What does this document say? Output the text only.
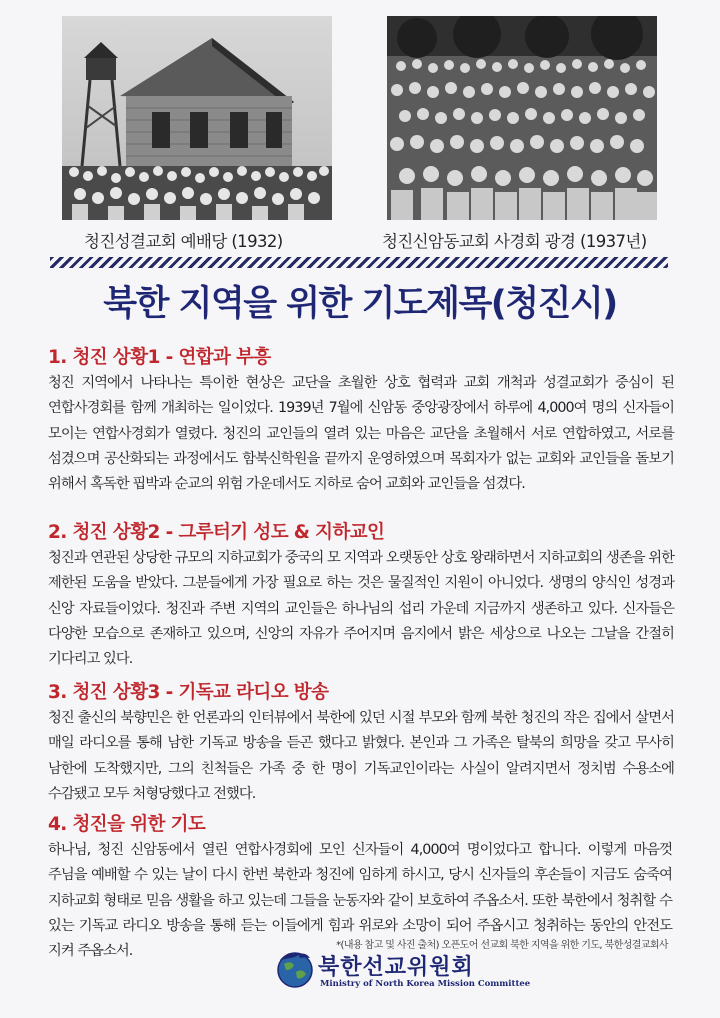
청진성결교회 예배당 (1932)	청진신암동교회 사경회 광경 (1937년)
북한 지역을 위한 기도제목(청진시)
1. 청진 상황1 - 연합과 부흥

청진 지역에서 나타나는 특이한 현상은 교단을 초월한 상호 협력과 교회 개척과 성결교회가 중심이 된 연합사경회를 함께 개최하는 일이었다. 1939년 7월에 신암동 중앙광장에서 하루에 4,000여 명의 신자들이 모이는 연합사경회가 열렸다. 청진의 교인들의 열려 있는 마음은 교단을 초월해서 서로 연합하였고, 서로를 섬겼으며 공산화되는 과정에서도 함북신학원을 끝까지 운영하였으며 목회자가 없는 교회와 교인들을 돌보기 위해서 혹독한 핍박과 순교의 위험 가운데서도 지하로 숨어 교회와 교인들을 섬겼다.

2. 청진 상황2 - 그루터기 성도 & 지하교인

청진과 연관된 상당한 규모의 지하교회가 중국의 모 지역과 오랫동안 상호 왕래하면서 지하교회의 생존을 위한 제한된 도움을 받았다. 그분들에게 가장 필요로 하는 것은 물질적인 지원이 아니었다. 생명의 양식인 성경과 신앙 자료들이었다. 청진과 주변 지역의 교인들은 하나님의 섭리 가운데 지금까지 생존하고 있다. 신자들은 다양한 모습으로 존재하고 있으며, 신앙의 자유가 주어지며 음지에서 밝은 세상으로 나오는 그날을 간절히 기다리고 있다.

3. 청진 상황3 - 기독교 라디오 방송

청진 출신의 북향민은 한 언론과의 인터뷰에서 북한에 있던 시절 부모와 함께 북한 청진의 작은 집에서 살면서 매일 라디오를 통해 남한 기독교 방송을 듣곤 했다고 밝혔다. 본인과 그 가족은 탈북의 희망을 갖고 무사히 남한에 도착했지만, 그의 친척들은 가족 중 한 명이 기독교인이라는 사실이 알려지면서 정치범 수용소에 수감됐고 모두 처형당했다고 전했다.

4. 청진을 위한 기도

하나님, 청진 신암동에서 열린 연합사경회에 모인 신자들이 4,000여 명이었다고 합니다. 이렇게 마음껏 주님을 예배할 수 있는 날이 다시 한번 북한과 청진에 임하게 하시고, 당시 신자들의 후손들이 지금도 숨죽여 지하교회 형태로 믿음 생활을 하고 있는데 그들을 눈동자와 같이 보호하여 주옵소서. 또한 북한에서 청취할 수 있는 기독교 라디오 방송을 통해 듣는 이들에게 힘과 위로와 소망이 되어 주옵시고 청취하는 동안의 안전도 지켜 주옵소서.	*(내용 참고 및 사진 출처) 오픈도어 선교회 북한 지역을 위한 기도, 북한성결교회사
북한선교위원회
Ministry of North Korea Mission Committee
